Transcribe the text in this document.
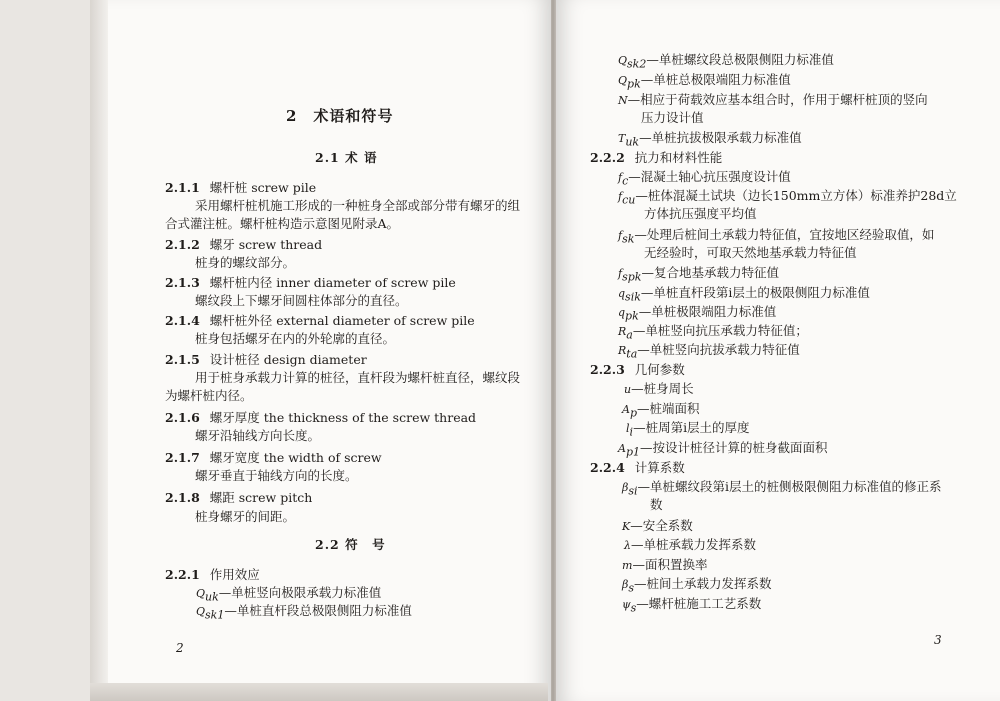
2　术语和符号
2.1 术 语
2.1.1 螺杆桩 screw pile
采用螺杆桩机施工形成的一种桩身全部或部分带有螺牙的组
合式灌注桩。螺杆桩构造示意图见附录A。
2.1.2 螺牙 screw thread
桩身的螺纹部分。
2.1.3 螺杆桩内径 inner diameter of screw pile
螺纹段上下螺牙间圆柱体部分的直径。
2.1.4 螺杆桩外径 external diameter of screw pile
桩身包括螺牙在内的外轮廓的直径。
2.1.5 设计桩径 design diameter
用于桩身承载力计算的桩径，直杆段为螺杆桩直径，螺纹段
为螺杆桩内径。
2.1.6 螺牙厚度 the thickness of the screw thread
螺牙沿轴线方向长度。
2.1.7 螺牙宽度 the width of screw
螺牙垂直于轴线方向的长度。
2.1.8 螺距 screw pitch
桩身螺牙的间距。
2.2 符　号
2.2.1 作用效应
$Q_{uk}—$单桩竖向极限承载力标准值
$Q_{sk1}—$单桩直杆段总极限侧阻力标准值
2
$Q_{sk2}—$单桩螺纹段总极限侧阻力标准值
$Q_{pk}—$单桩总极限端阻力标准值
N—相应于荷载效应基本组合时，作用于螺杆桩顶的竖向
压力设计值
$T_{uk}—$单桩抗拔极限承载力标准值
2.2.2 抗力和材料性能
$f_c—$混凝土轴心抗压强度设计值
$f_{cu}—$桩体混凝土试块（边长150mm立方体）标准养护28d立
方体抗压强度平均值
$f_{sk}—$处理后桩间土承载力特征值，宜按地区经验取值，如
无经验时，可取天然地基承载力特征值
$f_{spk}—$复合地基承载力特征值
$q_{sik}—$单桩直杆段第i层土的极限侧阻力标准值
$q_{pk}—$单桩极限端阻力标准值
$R_a—$单桩竖向抗压承载力特征值；
$R_{ta}—$单桩竖向抗拔承载力特征值
2.2.3 几何参数
u—桩身周长
$A_p—$桩端面积
$l_i—$桩周第i层土的厚度
$A_{p1}—$按设计桩径计算的桩身截面面积
2.2.4 计算系数
$\beta_{si}—$单桩螺纹段第i层土的桩侧极限侧阻力标准值的修正系
数
K—安全系数
λ—单桩承载力发挥系数
m—面积置换率
$\beta_s—$桩间土承载力发挥系数
$\psi_s—$螺杆桩施工工艺系数
3
